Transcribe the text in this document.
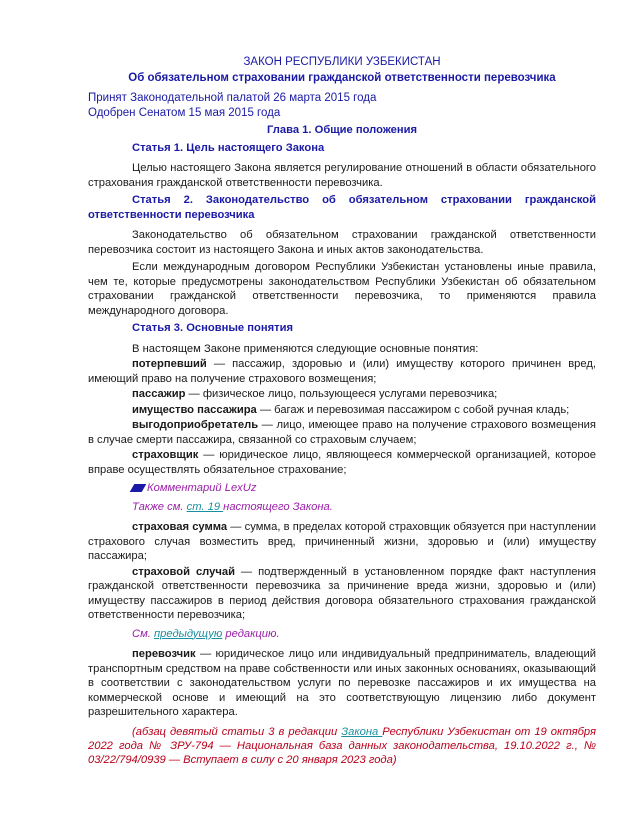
ЗАКОН РЕСПУБЛИКИ УЗБЕКИСТАН
Об обязательном страховании гражданской ответственности перевозчика
Принят Законодательной палатой 26 марта 2015 года
Одобрен Сенатом 15 мая 2015 года
Глава 1. Общие положения
Статья 1. Цель настоящего Закона

Целью настоящего Закона является регулирование отношений в области обязательного страхования гражданской ответственности перевозчика.

Статья 2. Законодательство об обязательном страховании гражданской ответственности перевозчика

Законодательство об обязательном страховании гражданской ответственности перевозчика состоит из настоящего Закона и иных актов законодательства.

Если международным договором Республики Узбекистан установлены иные правила, чем те, которые предусмотрены законодательством Республики Узбекистан об обязательном страховании гражданской ответственности перевозчика, то применяются правила международного договора.

Статья 3. Основные понятия

В настоящем Законе применяются следующие основные понятия:

потерпевший — пассажир, здоровью и (или) имуществу которого причинен вред, имеющий право на получение страхового возмещения;

пассажир — физическое лицо, пользующееся услугами перевозчика;

имущество пассажира — багаж и перевозимая пассажиром с собой ручная кладь;

выгодоприобретатель — лицо, имеющее право на получение страхового возмещения в случае смерти пассажира, связанной со страховым случаем;

страховщик — юридическое лицо, являющееся коммерческой организацией, которое вправе осуществлять обязательное страхование;

Комментарий LexUz
Также см. ст. 19 настоящего Закона.

страховая сумма — сумма, в пределах которой страховщик обязуется при наступлении страхового случая возместить вред, причиненный жизни, здоровью и (или) имуществу пассажира;

страховой случай — подтвержденный в установленном порядке факт наступления гражданской ответственности перевозчика за причинение вреда жизни, здоровью и (или) имуществу пассажиров в период действия договора обязательного страхования гражданской ответственности перевозчика;

См. предыдущую редакцию.

перевозчик — юридическое лицо или индивидуальный предприниматель, владеющий транспортным средством на праве собственности или иных законных основаниях, оказывающий в соответствии с законодательством услуги по перевозке пассажиров и их имущества на коммерческой основе и имеющий на это соответствующую лицензию либо документ разрешительного характера.

(абзац девятый статьи 3 в редакции Закона Республики Узбекистан от 19 октября 2022 года № ЗРУ-794 — Национальная база данных законодательства, 19.10.2022 г., № 03/22/794/0939 — Вступает в силу с 20 января 2023 года)
